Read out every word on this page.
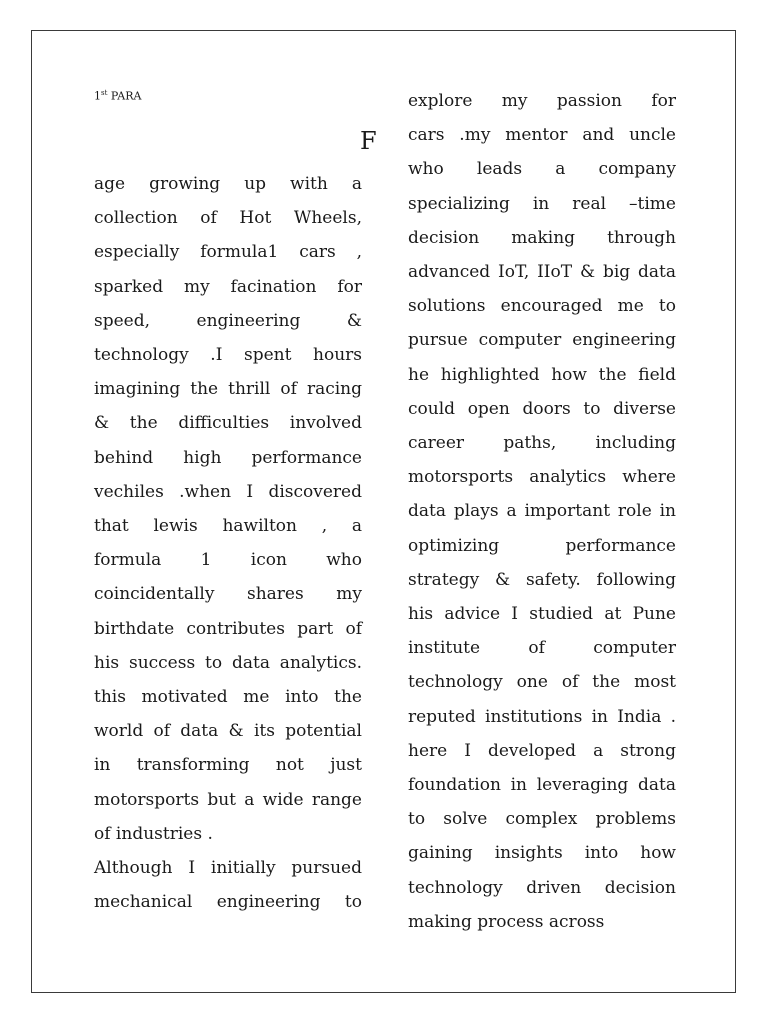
1st PARA
F
age growing up with a
collection of Hot Wheels,
especially formula1 cars ,
sparked my facination for
speed, engineering &
technology .I spent hours
imagining the thrill of racing
& the difficulties involved
behind high performance
vechiles .when I discovered
that lewis hawilton , a
formula 1 icon who
coincidentally shares my
birthdate contributes part of
his success to data analytics.
this motivated me into the
world of data & its potential
in transforming not just
motorsports but a wide range
of industries .
Although I initially pursued
mechanical engineering to
explore my passion for
cars .my mentor and uncle
who leads a company
specializing in real –time
decision making through
advanced IoT, IIoT & big data
solutions encouraged me to
pursue computer engineering
he highlighted how the field
could open doors to diverse
career paths, including
motorsports analytics where
data plays a important role in
optimizing performance
strategy & safety. following
his advice I studied at Pune
institute of computer
technology one of the most
reputed institutions in India .
here I developed a strong
foundation in leveraging data
to solve complex problems
gaining insights into how
technology driven decision
making process across
